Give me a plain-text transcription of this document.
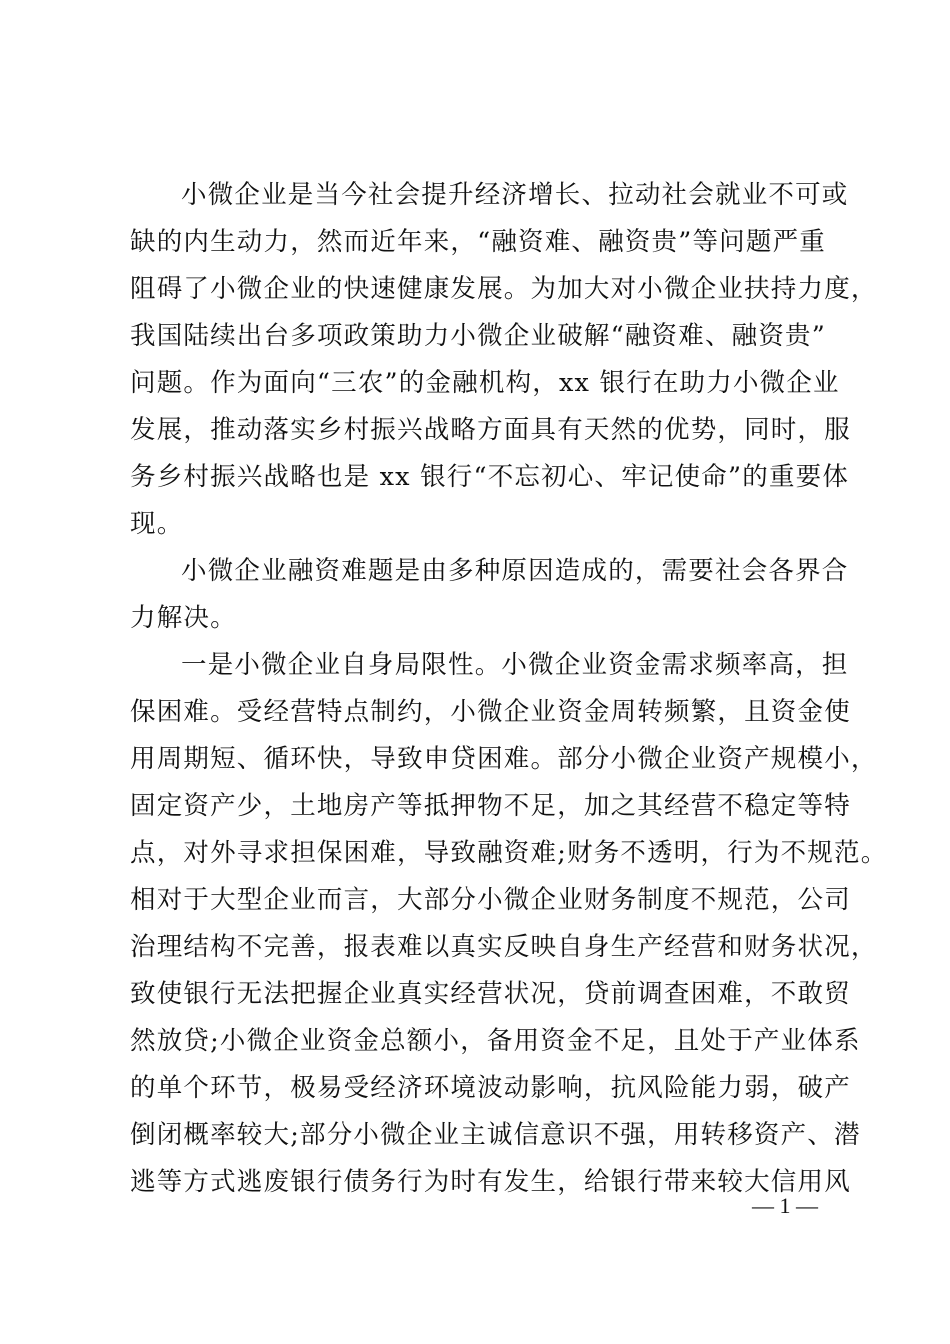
小微企业是当今社会提升经济增长、拉动社会就业不可或
缺的内生动力，然而近年来，“融资难、融资贵”等问题严重
阻碍了小微企业的快速健康发展。为加大对小微企业扶持力度，
我国陆续出台多项政策助力小微企业破解“融资难、融资贵”
问题。作为面向“三农”的金融机构，xx 银行在助力小微企业
发展，推动落实乡村振兴战略方面具有天然的优势，同时，服
务乡村振兴战略也是 xx 银行“不忘初心、牢记使命”的重要体
现。
小微企业融资难题是由多种原因造成的，需要社会各界合
力解决。
一是小微企业自身局限性。小微企业资金需求频率高，担
保困难。受经营特点制约，小微企业资金周转频繁，且资金使
用周期短、循环快，导致申贷困难。部分小微企业资产规模小，
固定资产少，土地房产等抵押物不足，加之其经营不稳定等特
点，对外寻求担保困难，导致融资难;财务不透明，行为不规范。
相对于大型企业而言，大部分小微企业财务制度不规范，公司
治理结构不完善，报表难以真实反映自身生产经营和财务状况，
致使银行无法把握企业真实经营状况，贷前调查困难，不敢贸
然放贷;小微企业资金总额小，备用资金不足，且处于产业体系
的单个环节，极易受经济环境波动影响，抗风险能力弱，破产
倒闭概率较大;部分小微企业主诚信意识不强，用转移资产、潜
逃等方式逃废银行债务行为时有发生，给银行带来较大信用风
— 1 —
